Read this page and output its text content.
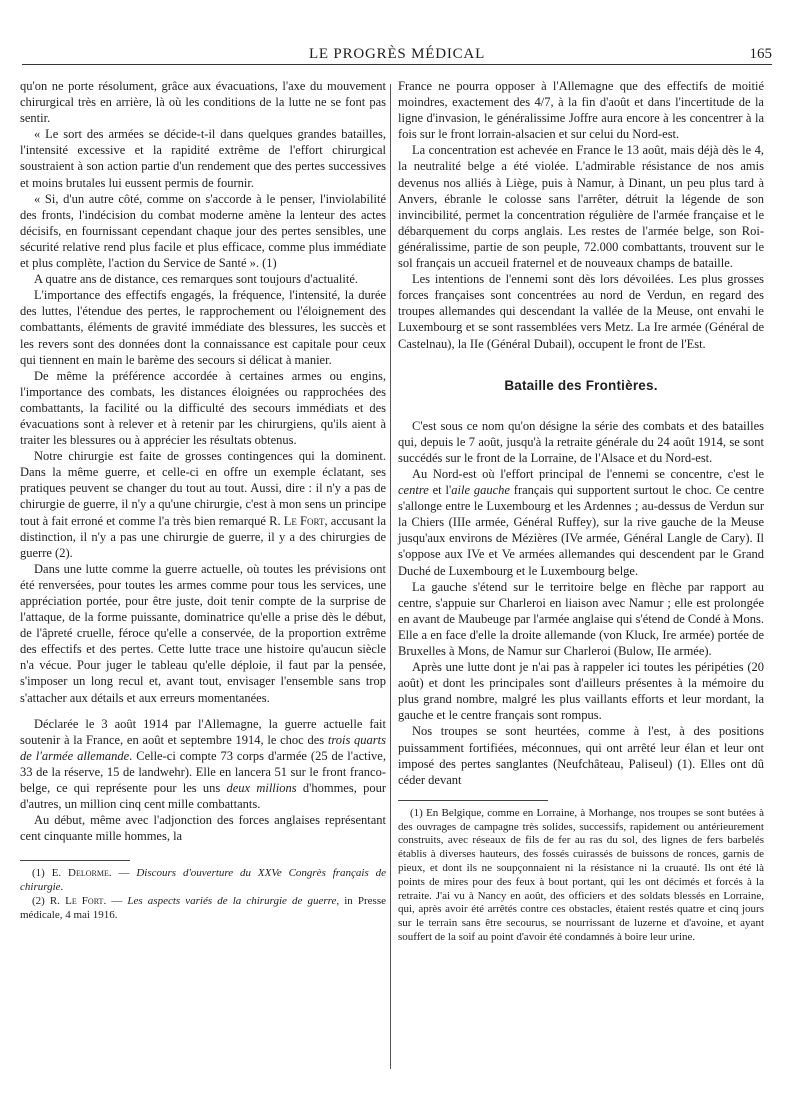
LE PROGRÈS MÉDICAL	165

qu'on ne porte résolument, grâce aux évacuations, l'axe du mouvement chirurgical très en arrière, là où les conditions de la lutte ne se font pas sentir.

« Le sort des armées se décide-t-il dans quelques grandes batailles, l'intensité excessive et la rapidité extrême de l'effort chirurgical soustraient à son action partie d'un rendement que des pertes successives et moins brutales lui eussent permis de fournir.

« Si, d'un autre côté, comme on s'accorde à le penser, l'inviolabilité des fronts, l'indécision du combat moderne amène la lenteur des actes décisifs, en fournissant cependant chaque jour des pertes sensibles, une sécurité relative rend plus facile et plus efficace, comme plus immédiate et plus complète, l'action du Service de Santé ». (1)

A quatre ans de distance, ces remarques sont toujours d'actualité.

L'importance des effectifs engagés, la fréquence, l'intensité, la durée des luttes, l'étendue des pertes, le rapprochement ou l'éloignement des combattants, éléments de gravité immédiate des blessures, les succès et les revers sont des données dont la connaissance est capitale pour ceux qui tiennent en main le barème des secours si délicat à manier.

De même la préférence accordée à certaines armes ou engins, l'importance des combats, les distances éloignées ou rapprochées des combattants, la facilité ou la difficulté des secours immédiats et des évacuations sont à relever et à retenir par les chirurgiens, qu'ils aient à traiter les blessures ou à apprécier les résultats obtenus.

Notre chirurgie est faite de grosses contingences qui la dominent. Dans la même guerre, et celle-ci en offre un exemple éclatant, ses pratiques peuvent se changer du tout au tout. Aussi, dire : il n'y a pas de chirurgie de guerre, il n'y a qu'une chirurgie, c'est à mon sens un principe tout à fait erroné et comme l'a très bien remarqué R. Le Fort, accusant la distinction, il n'y a pas une chirurgie de guerre, il y a des chirurgies de guerre (2).

Dans une lutte comme la guerre actuelle, où toutes les prévisions ont été renversées, pour toutes les armes comme pour tous les services, une appréciation portée, pour être juste, doit tenir compte de la surprise de l'attaque, de la forme puissante, dominatrice qu'elle a prise dès le début, de l'âpreté cruelle, féroce qu'elle a conservée, de la proportion extrême des effectifs et des pertes. Cette lutte trace une histoire qu'aucun siècle n'a vécue. Pour juger le tableau qu'elle déploie, il faut par la pensée, s'imposer un long recul et, avant tout, envisager l'ensemble sans trop s'attacher aux détails et aux erreurs momentanées.

Déclarée le 3 août 1914 par l'Allemagne, la guerre actuelle fait soutenir à la France, en août et septembre 1914, le choc des trois quarts de l'armée allemande. Celle-ci compte 73 corps d'armée (25 de l'active, 33 de la réserve, 15 de landwehr). Elle en lancera 51 sur le front franco-belge, ce qui représente pour les uns deux millions d'hommes, pour d'autres, un million cinq cent mille combattants.

Au début, même avec l'adjonction des forces anglaises représentant cent cinquante mille hommes, la

(1) E. Delorme. — Discours d'ouverture du XXVe Congrès français de chirurgie.

(2) R. Le Fort. — Les aspects variés de la chirurgie de guerre, in Presse médicale, 4 mai 1916.

France ne pourra opposer à l'Allemagne que des effectifs de moitié moindres, exactement des 4/7, à la fin d'août et dans l'incertitude de la ligne d'invasion, le généralissime Joffre aura encore à les concentrer à la fois sur le front lorrain-alsacien et sur celui du Nord-est.

La concentration est achevée en France le 13 août, mais déjà dès le 4, la neutralité belge a été violée. L'admirable résistance de nos amis devenus nos alliés à Liège, puis à Namur, à Dinant, un peu plus tard à Anvers, ébranle le colosse sans l'arrêter, détruit la légende de son invincibilité, permet la concentration régulière de l'armée française et le débarquement du corps anglais. Les restes de l'armée belge, son Roi-généralissime, partie de son peuple, 72.000 combattants, trouvent sur le sol français un accueil fraternel et de nouveaux champs de bataille.

Les intentions de l'ennemi sont dès lors dévoilées. Les plus grosses forces françaises sont concentrées au nord de Verdun, en regard des troupes allemandes qui descendant la vallée de la Meuse, ont envahi le Luxembourg et se sont rassemblées vers Metz. La Ire armée (Général de Castelnau), la IIe (Général Dubail), occupent le front de l'Est.

Bataille des Frontières.

C'est sous ce nom qu'on désigne la série des combats et des batailles qui, depuis le 7 août, jusqu'à la retraite générale du 24 août 1914, se sont succédés sur le front de la Lorraine, de l'Alsace et du Nord-est.

Au Nord-est où l'effort principal de l'ennemi se concentre, c'est le centre et l'aile gauche français qui supportent surtout le choc. Ce centre s'allonge entre le Luxembourg et les Ardennes ; au-dessus de Verdun sur la Chiers (IIIe armée, Général Ruffey), sur la rive gauche de la Meuse jusqu'aux environs de Mézières (IVe armée, Général Langle de Cary). Il s'oppose aux IVe et Ve armées allemandes qui descendent par le Grand Duché de Luxembourg et le Luxembourg belge.

La gauche s'étend sur le territoire belge en flèche par rapport au centre, s'appuie sur Charleroi en liaison avec Namur ; elle est prolongée en avant de Maubeuge par l'armée anglaise qui s'étend de Condé à Mons. Elle a en face d'elle la droite allemande (von Kluck, Ire armée) portée de Bruxelles à Mons, de Namur sur Charleroi (Bulow, IIe armée).

Après une lutte dont je n'ai pas à rappeler ici toutes les péripéties (20 août) et dont les principales sont d'ailleurs présentes à la mémoire du plus grand nombre, malgré les plus vaillants efforts et leur mordant, la gauche et le centre français sont rompus.

Nos troupes se sont heurtées, comme à l'est, à des positions puissamment fortifiées, méconnues, qui ont arrêté leur élan et leur ont imposé des pertes sanglantes (Neufchâteau, Paliseul) (1). Elles ont dû céder devant

(1) En Belgique, comme en Lorraine, à Morhange, nos troupes se sont butées à des ouvrages de campagne très solides, successifs, rapidement ou antérieurement construits, avec réseaux de fils de fer au ras du sol, des lignes de fers barbelés établis à diverses hauteurs, des fossés cuirassés de buissons de ronces, garnis de pieux, et dont ils ne soupçonnaient ni la résistance ni la cruauté. Ils ont été là points de mires pour des feux à bout portant, qui les ont décimés et forcés à la retraite. J'ai vu à Nancy en août, des officiers et des soldats blessés en Lorraine, qui, après avoir été arrêtés contre ces obstacles, étaient restés quatre et cinq jours sur le terrain sans être secourus, se nourrissant de luzerne et d'avoine, et ayant souffert de la soif au point d'avoir été condamnés à boire leur urine.
